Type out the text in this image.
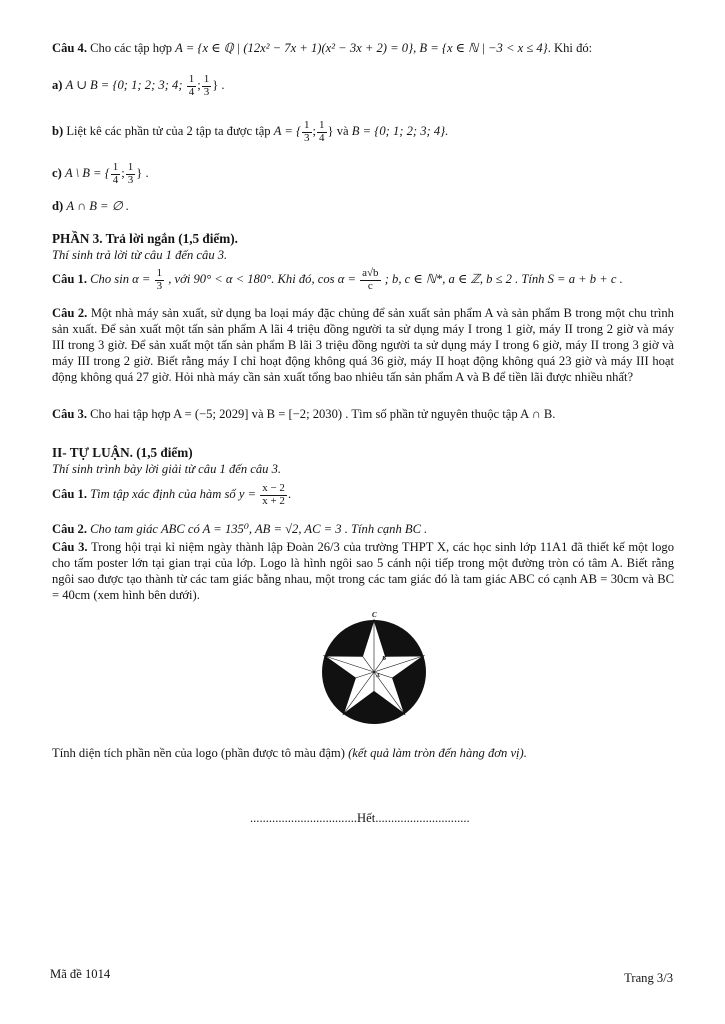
Câu 4. Cho các tập hợp A = {x ∈ ℚ | (12x² − 7x + 1)(x² − 3x + 2) = 0}, B = {x ∈ ℕ | −3 < x ≤ 4}. Khi đó:
a) A ∪ B = {0; 1; 2; 3; 4; $\frac{1}{4}$ ; $\frac{1}{3}$ } .
b) Liệt kê các phần tử của 2 tập ta được tập A = { $\frac{1}{3}$ ; $\frac{1}{4}$ } và B = {0; 1; 2; 3; 4}.
c) A \ B = { $\frac{1}{4}$ ; $\frac{1}{3}$ } .
d) A ∩ B = ∅ .
PHẦN 3. Trả lời ngắn (1,5 điểm).
Thí sinh trả lời từ câu 1 đến câu 3.
Câu 1. Cho $\sin \alpha = \frac{1}{3}$ , với 90° < α < 180°. Khi đó, $\cos \alpha = \frac{a√b}{c}$ ; b, c ∈ ℕ*, a ∈ ℤ, b ≤ 2 . Tính S = a + b + c .
Câu 2. Một nhà máy sản xuất, sử dụng ba loại máy đặc chủng để sản xuất sản phẩm A và sản phẩm B trong một chu trình sản xuất. Để sản xuất một tấn sản phẩm A lãi 4 triệu đồng người ta sử dụng máy I trong 1 giờ, máy II trong 2 giờ và máy III trong 3 giờ. Để sản xuất một tấn sản phẩm B lãi 3 triệu đồng người ta sử dụng máy I trong 6 giờ, máy II trong 3 giờ và máy III trong 2 giờ. Biết rằng máy I chỉ hoạt động không quá 36 giờ, máy II hoạt động không quá 23 giờ và máy III hoạt động không quá 27 giờ. Hỏi nhà máy cần sản xuất tổng bao nhiêu tấn sản phẩm A và B để tiền lãi được nhiều nhất?
Câu 3. Cho hai tập hợp A = (−5; 2029] và B = [−2; 2030) . Tìm số phần tử nguyên thuộc tập A ∩ B.
II- TỰ LUẬN. (1,5 điểm)
Thí sinh trình bày lời giải từ câu 1 đến câu 3.
Câu 1. Tìm tập xác định của hàm số $y = \frac{x - 2}{x + 2}$ .
Câu 2. Cho tam giác ABC có A = 135⁰, AB = √2, AC = 3 . Tính cạnh BC .
Câu 3. Trong hội trại kỉ niệm ngày thành lập Đoàn 26/3 của trường THPT X, các học sinh lớp 11A1 đã thiết kế một logo cho tấm poster lớn tại gian trại của lớp. Logo là hình ngôi sao 5 cánh nội tiếp trong một đường tròn có tâm A. Biết rằng ngôi sao được tạo thành từ các tam giác bằng nhau, một trong các tam giác đó là tam giác ABC có cạnh AB = 30cm và BC = 40cm (xem hình bên dưới).
C
B
A
Tính diện tích phần nền của logo (phần được tô màu đậm) (kết quả làm tròn đến hàng đơn vị).
..................................Hết..............................
Mã đề 1014	Trang 3/3
